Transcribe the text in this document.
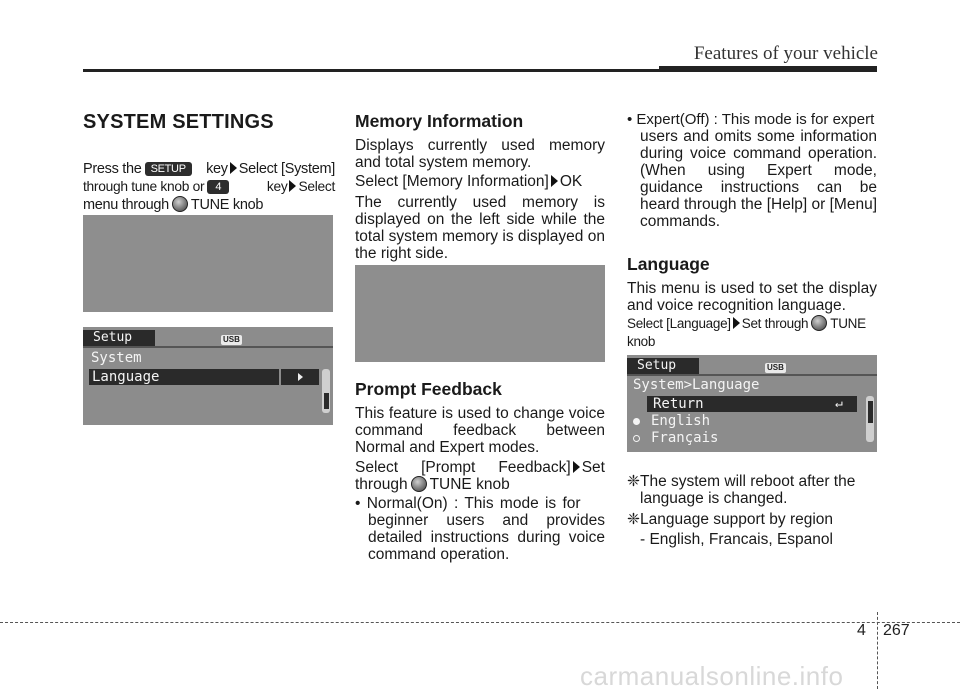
Features of your vehicle
SYSTEM SETTINGS
Press the SETUP	key Select [System]
through tune knob or 4	key Select
menu through TUNE knob
Setup	USB
System
Language
Memory Information
Displays currently used memory and total system memory.
Select [Memory Information] OK
The currently used memory is displayed on the left side while the total system memory is displayed on the right side.
Prompt Feedback
This feature is used to change voice command feedback between Normal and Expert modes.
Select [Prompt Feedback] Set
through TUNE knob
• Normal(On) : This mode is for
beginner users and provides detailed instructions during voice command operation.
• Expert(Off) : This mode is for expert
users and omits some information during voice command operation. (When using Expert mode, guidance instructions can be heard through the [Help] or [Menu] commands.
Language
This menu is used to set the display and voice recognition language.
Select [Language] Set through TUNE
knob
Setup	USB
System>Language
Return	↵
English
Français
❈The system will reboot after the
language is changed.
❈Language support by region
- English, Francais, Espanol
4 267
carmanualsonline.info
